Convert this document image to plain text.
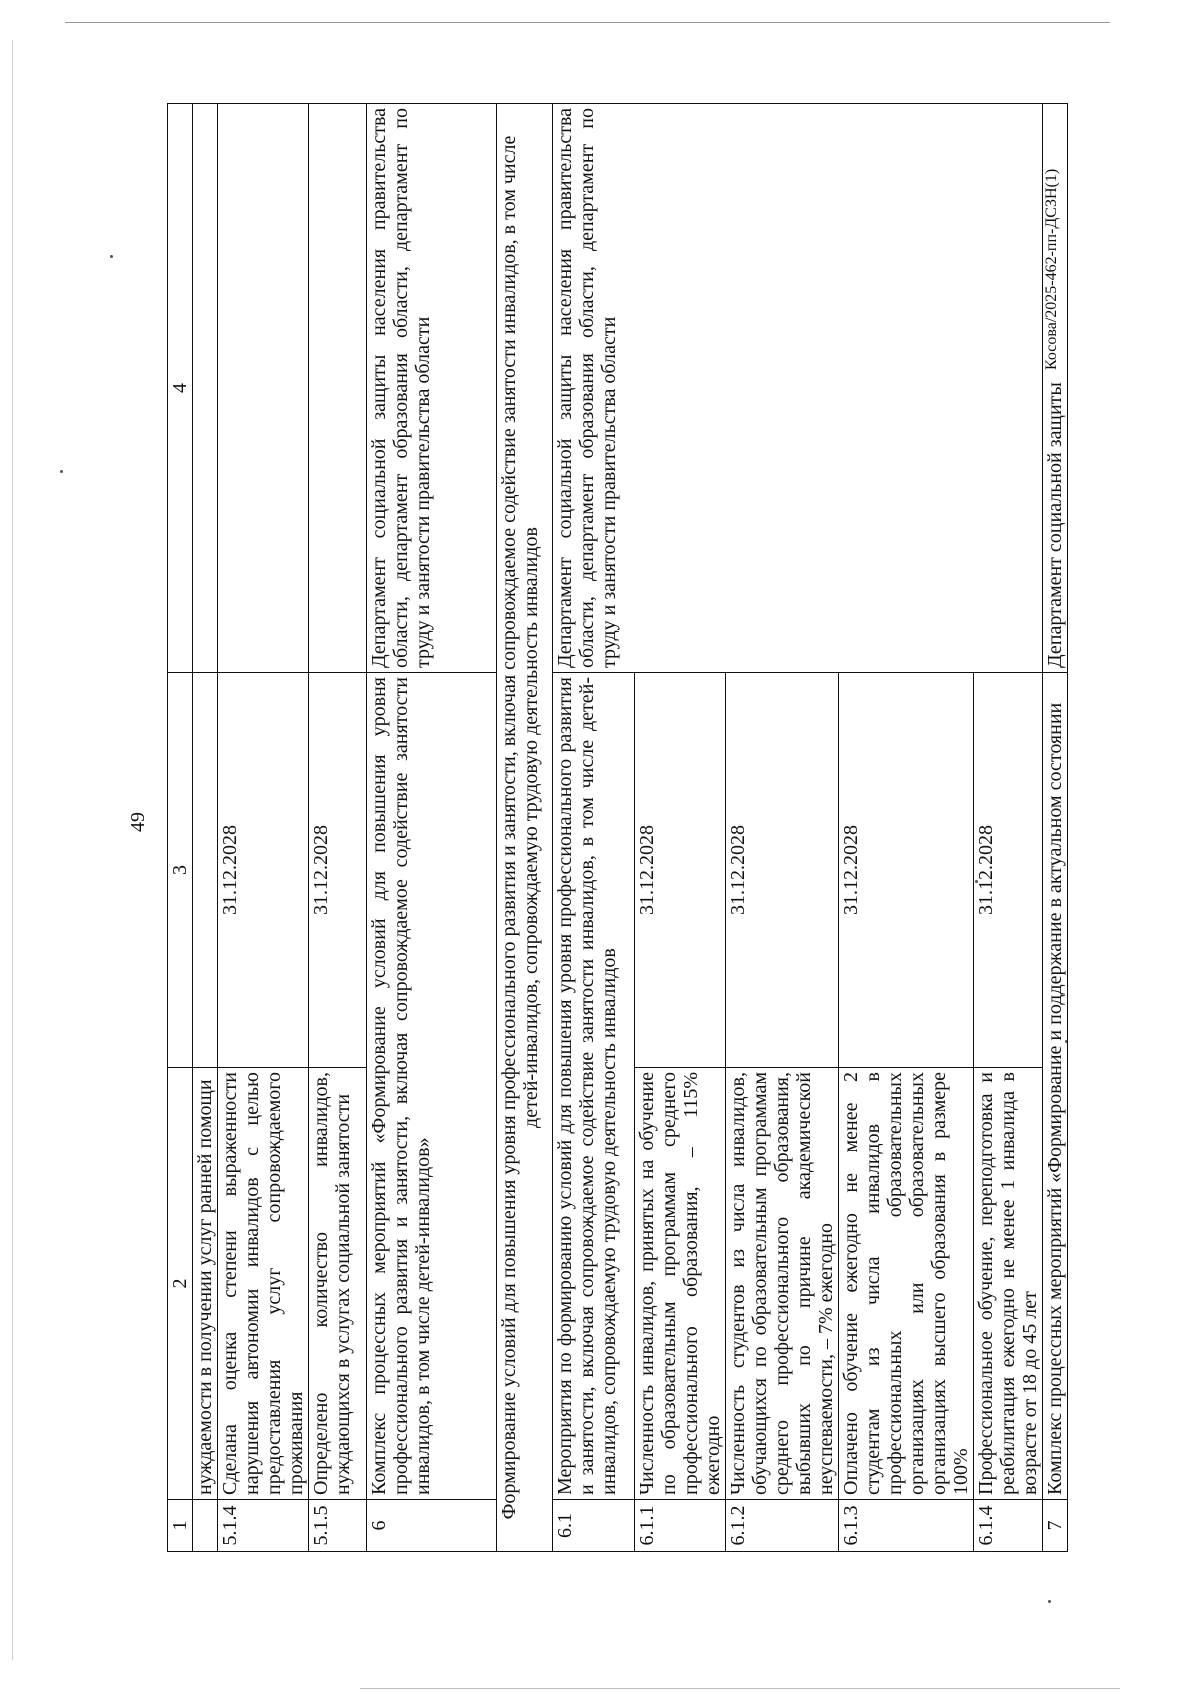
49
Косова/2025-462-пп-ДСЗН(1)
1	2	3	4
	нуждаемости в получении услуг ранней помощи		
5.1.4	Сделана оценка степени выраженности нарушения автономии инвалидов с целью предоставления услуг сопровождаемого проживания	31.12.2028	
5.1.5	Определено количество инвалидов, нуждающихся в услугах социальной занятости	31.12.2028	
6	Комплекс процессных мероприятий «Формирование условий для повышения уровня профессионального развития и занятости, включая сопровождаемое содействие занятости инвалидов, в том числе детей-инвалидов»		Департамент социальной защиты населения правительства области, департамент образования области, департамент по труду и занятости правительства области
Формирование условий для повышения уровня профессионального развития и занятости, включая сопровождаемое содействие занятости инвалидов, в том числе детей-инвалидов, сопровождаемую трудовую деятельность инвалидов			
6.1	Мероприятия по формированию условий для повышения уровня профессионального развития и занятости, включая сопровождаемое содействие занятости инвалидов, в том числе детей-инвалидов, сопровождаемую трудовую деятельность инвалидов		Департамент социальной защиты населения правительства области, департамент образования области, департамент по труду и занятости правительства области
6.1.1	Численность инвалидов, принятых на обучение по образовательным программам среднего профессионального образования, – 115% ежегодно	31.12.2028	
6.1.2	Численность студентов из числа инвалидов, обучающихся по образовательным программам среднего профессионального образования, выбывших по причине академической неуспеваемости, – 7% ежегодно	31.12.2028	
6.1.3	Оплачено обучение ежегодно не менее 2 студентам из числа инвалидов в профессиональных образовательных организациях или образовательных организациях высшего образования в размере 100%	31.12.2028	
6.1.4	Профессиональное обучение, переподготовка и реабилитация ежегодно не менее 1 инвалида в возрасте от 18 до 45 лет	31.12.2028	
7	Комплекс процессных мероприятий «Формирование и поддержание в актуальном состоянии		Департамент социальной защиты
